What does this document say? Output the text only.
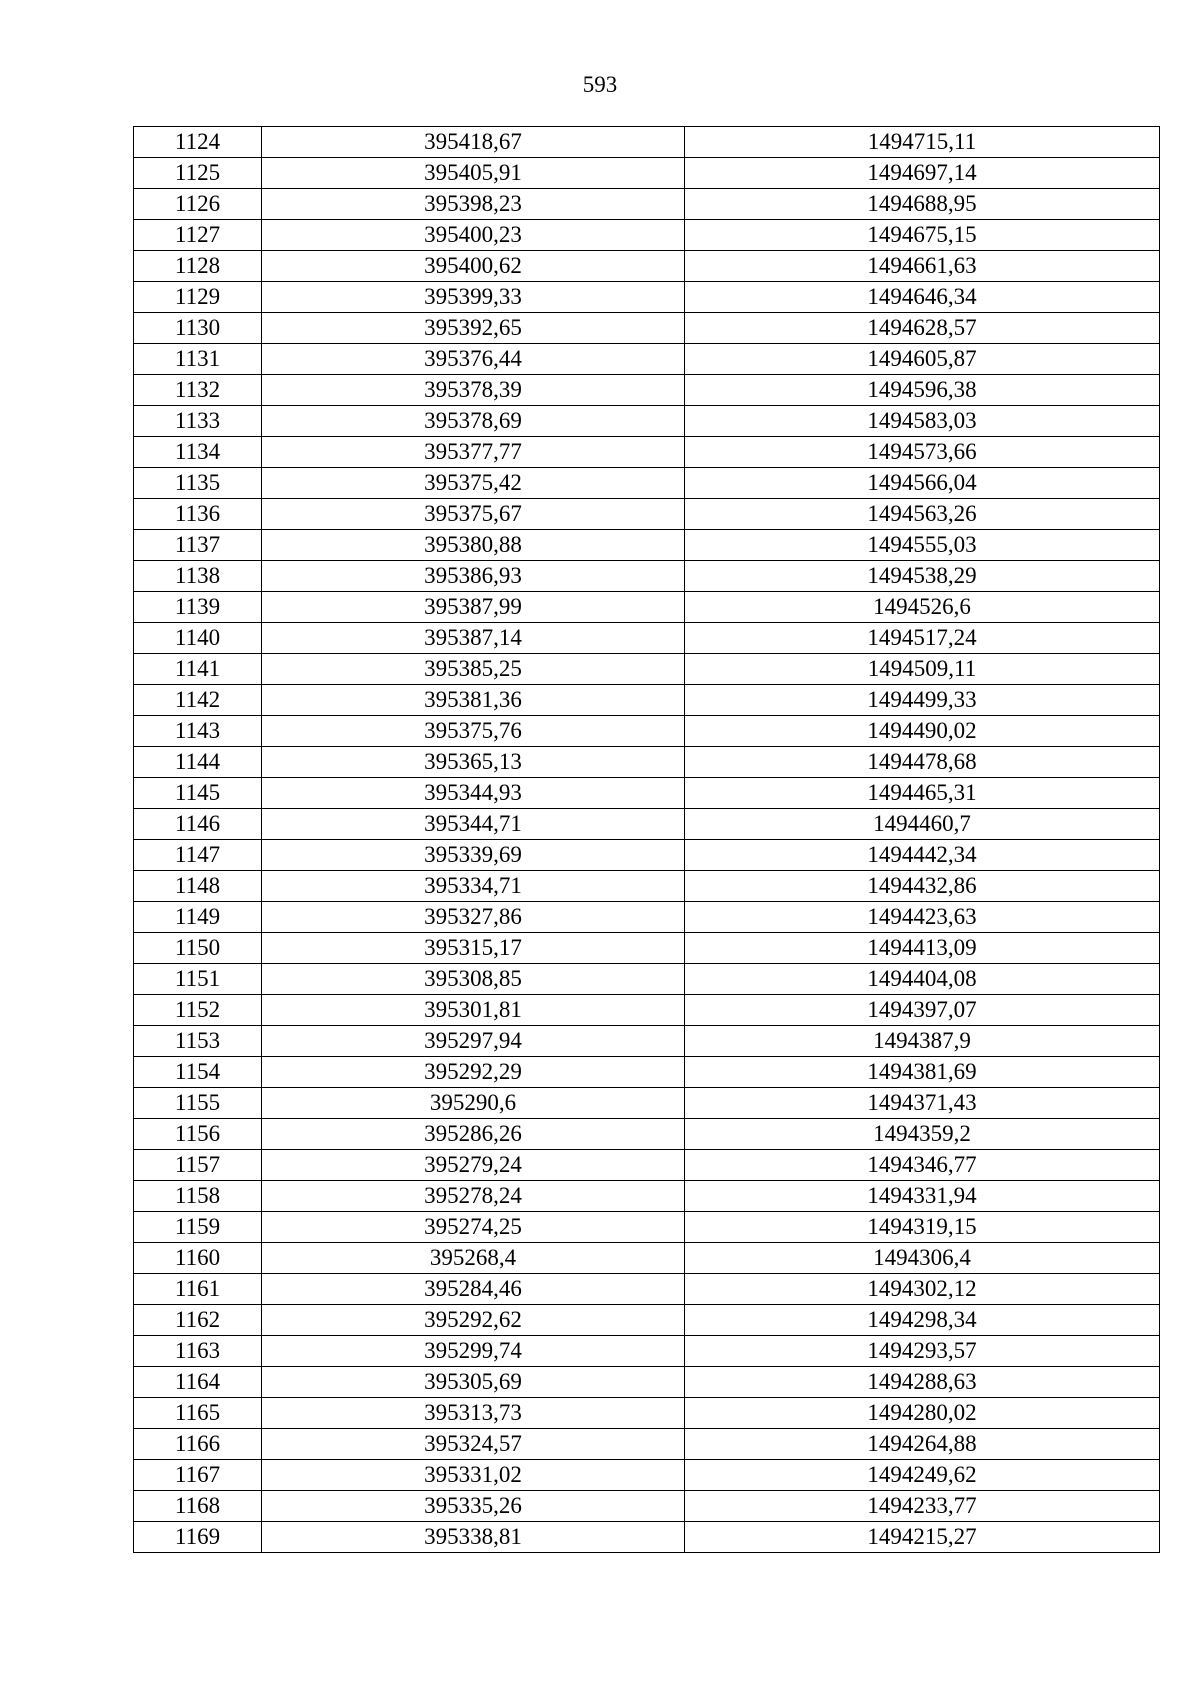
593
1124	395418,67	1494715,11
1125	395405,91	1494697,14
1126	395398,23	1494688,95
1127	395400,23	1494675,15
1128	395400,62	1494661,63
1129	395399,33	1494646,34
1130	395392,65	1494628,57
1131	395376,44	1494605,87
1132	395378,39	1494596,38
1133	395378,69	1494583,03
1134	395377,77	1494573,66
1135	395375,42	1494566,04
1136	395375,67	1494563,26
1137	395380,88	1494555,03
1138	395386,93	1494538,29
1139	395387,99	1494526,6
1140	395387,14	1494517,24
1141	395385,25	1494509,11
1142	395381,36	1494499,33
1143	395375,76	1494490,02
1144	395365,13	1494478,68
1145	395344,93	1494465,31
1146	395344,71	1494460,7
1147	395339,69	1494442,34
1148	395334,71	1494432,86
1149	395327,86	1494423,63
1150	395315,17	1494413,09
1151	395308,85	1494404,08
1152	395301,81	1494397,07
1153	395297,94	1494387,9
1154	395292,29	1494381,69
1155	395290,6	1494371,43
1156	395286,26	1494359,2
1157	395279,24	1494346,77
1158	395278,24	1494331,94
1159	395274,25	1494319,15
1160	395268,4	1494306,4
1161	395284,46	1494302,12
1162	395292,62	1494298,34
1163	395299,74	1494293,57
1164	395305,69	1494288,63
1165	395313,73	1494280,02
1166	395324,57	1494264,88
1167	395331,02	1494249,62
1168	395335,26	1494233,77
1169	395338,81	1494215,27
